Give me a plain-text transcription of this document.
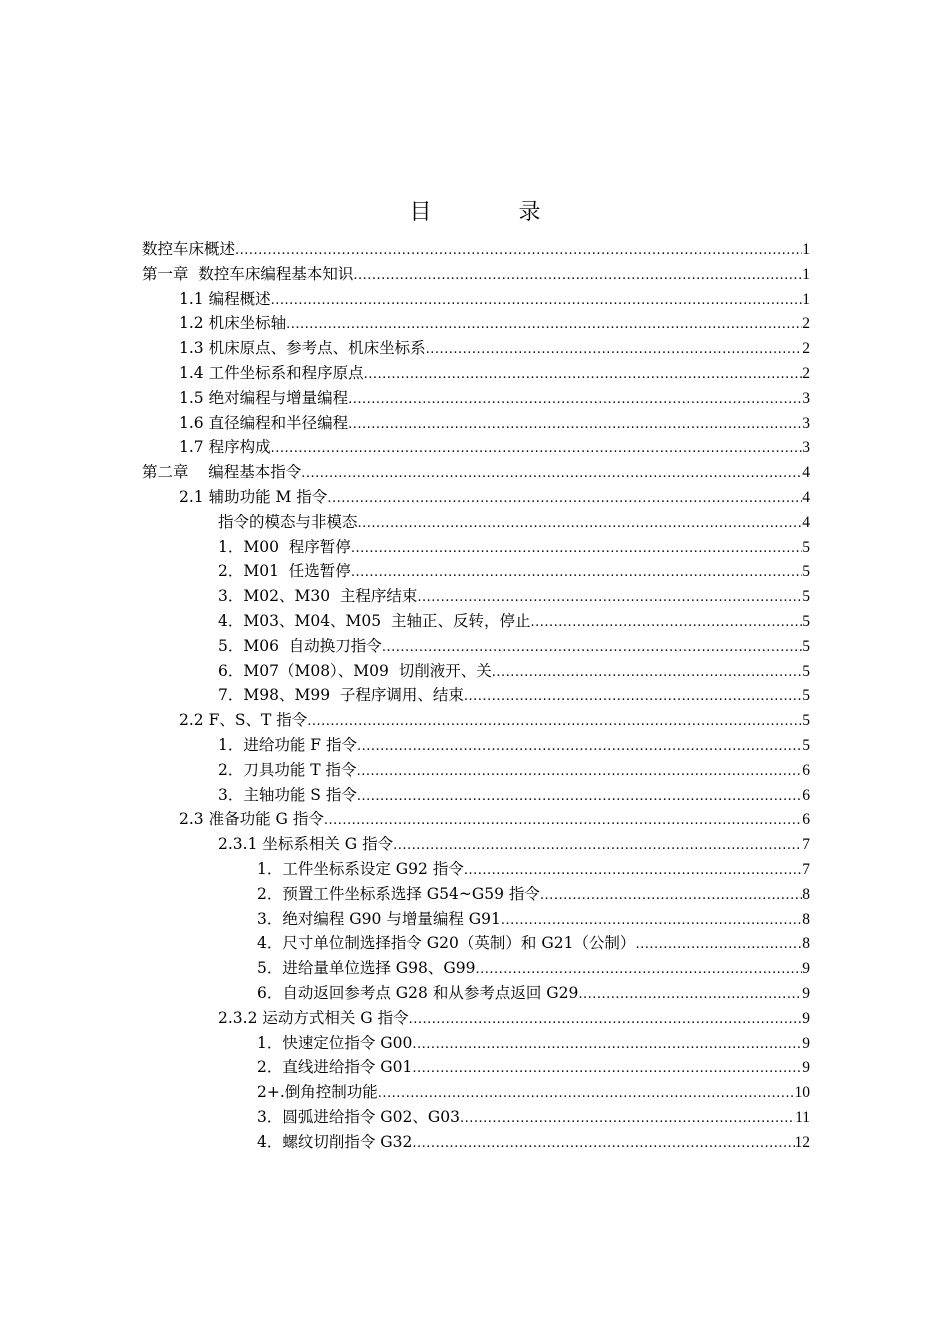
目 录
数控车床概述 .....	1
第一章  数控车床编程基本知识 .....	1
1.1 编程概述 .....	1
1.2 机床坐标轴 .....	2
1.3 机床原点、参考点、机床坐标系 .....	2
1.4 工件坐标系和程序原点 .....	2
1.5 绝对编程与增量编程 .....	3
1.6 直径编程和半径编程 .....	3
1.7 程序构成 .....	3
第二章    编程基本指令 .....	4
2.1 辅助功能 M 指令 .....	4
指令的模态与非模态 .....	4
1．M00  程序暂停 .....	5
2．M01  任选暂停 .....	5
3．M02、M30  主程序结束 .....	5
4．M03、M04、M05  主轴正、反转，停止 .....	5
5．M06  自动换刀指令 .....	5
6．M07（M08）、M09  切削液开、关 .....	5
7．M98、M99  子程序调用、结束 .....	5
2.2 F、S、T 指令 .....	5
1．进给功能 F 指令 .....	5
2．刀具功能 T 指令 .....	6
3．主轴功能 S 指令 .....	6
2.3 准备功能 G 指令 .....	6
2.3.1 坐标系相关 G 指令 .....	7
1．工件坐标系设定 G92 指令 .....	7
2．预置工件坐标系选择 G54~G59 指令 .....	8
3．绝对编程 G90 与增量编程 G91 .....	8
4．尺寸单位制选择指令 G20（英制）和 G21（公制） .....	8
5．进给量单位选择 G98、G99 .....	9
6．自动返回参考点 G28 和从参考点返回 G29 .....	9
2.3.2 运动方式相关 G 指令 .....	9
1．快速定位指令 G00 .....	9
2．直线进给指令 G01 .....	9
2+.倒角控制功能 .....	10
3．圆弧进给指令 G02、G03 .....	11
4．螺纹切削指令 G32 .....	12
